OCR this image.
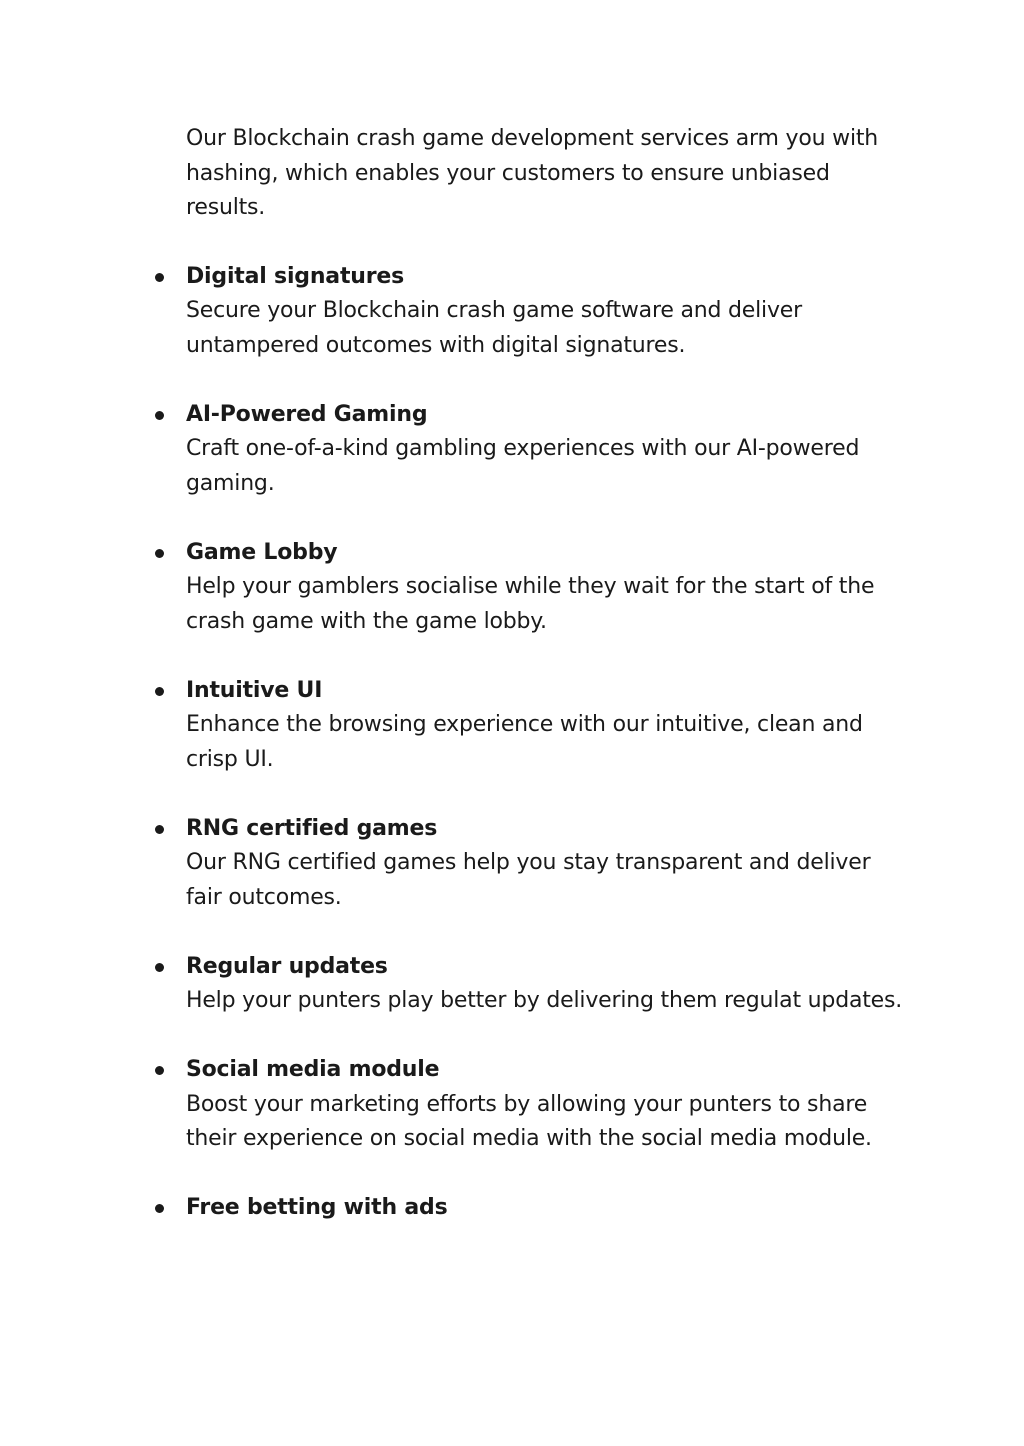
Our Blockchain crash game development services arm you with hashing, which enables your customers to ensure unbiased results.

Digital signatures
Secure your Blockchain crash game software and deliver untampered outcomes with digital signatures.
AI-Powered Gaming
Craft one-of-a-kind gambling experiences with our AI-powered gaming.
Game Lobby
Help your gamblers socialise while they wait for the start of the crash game with the game lobby.
Intuitive UI
Enhance the browsing experience with our intuitive, clean and crisp UI.
RNG certified games
Our RNG certified games help you stay transparent and deliver fair outcomes.
Regular updates
Help your punters play better by delivering them regulat updates.
Social media module
Boost your marketing efforts by allowing your punters to share their experience on social media with the social media module.
Free betting with ads
